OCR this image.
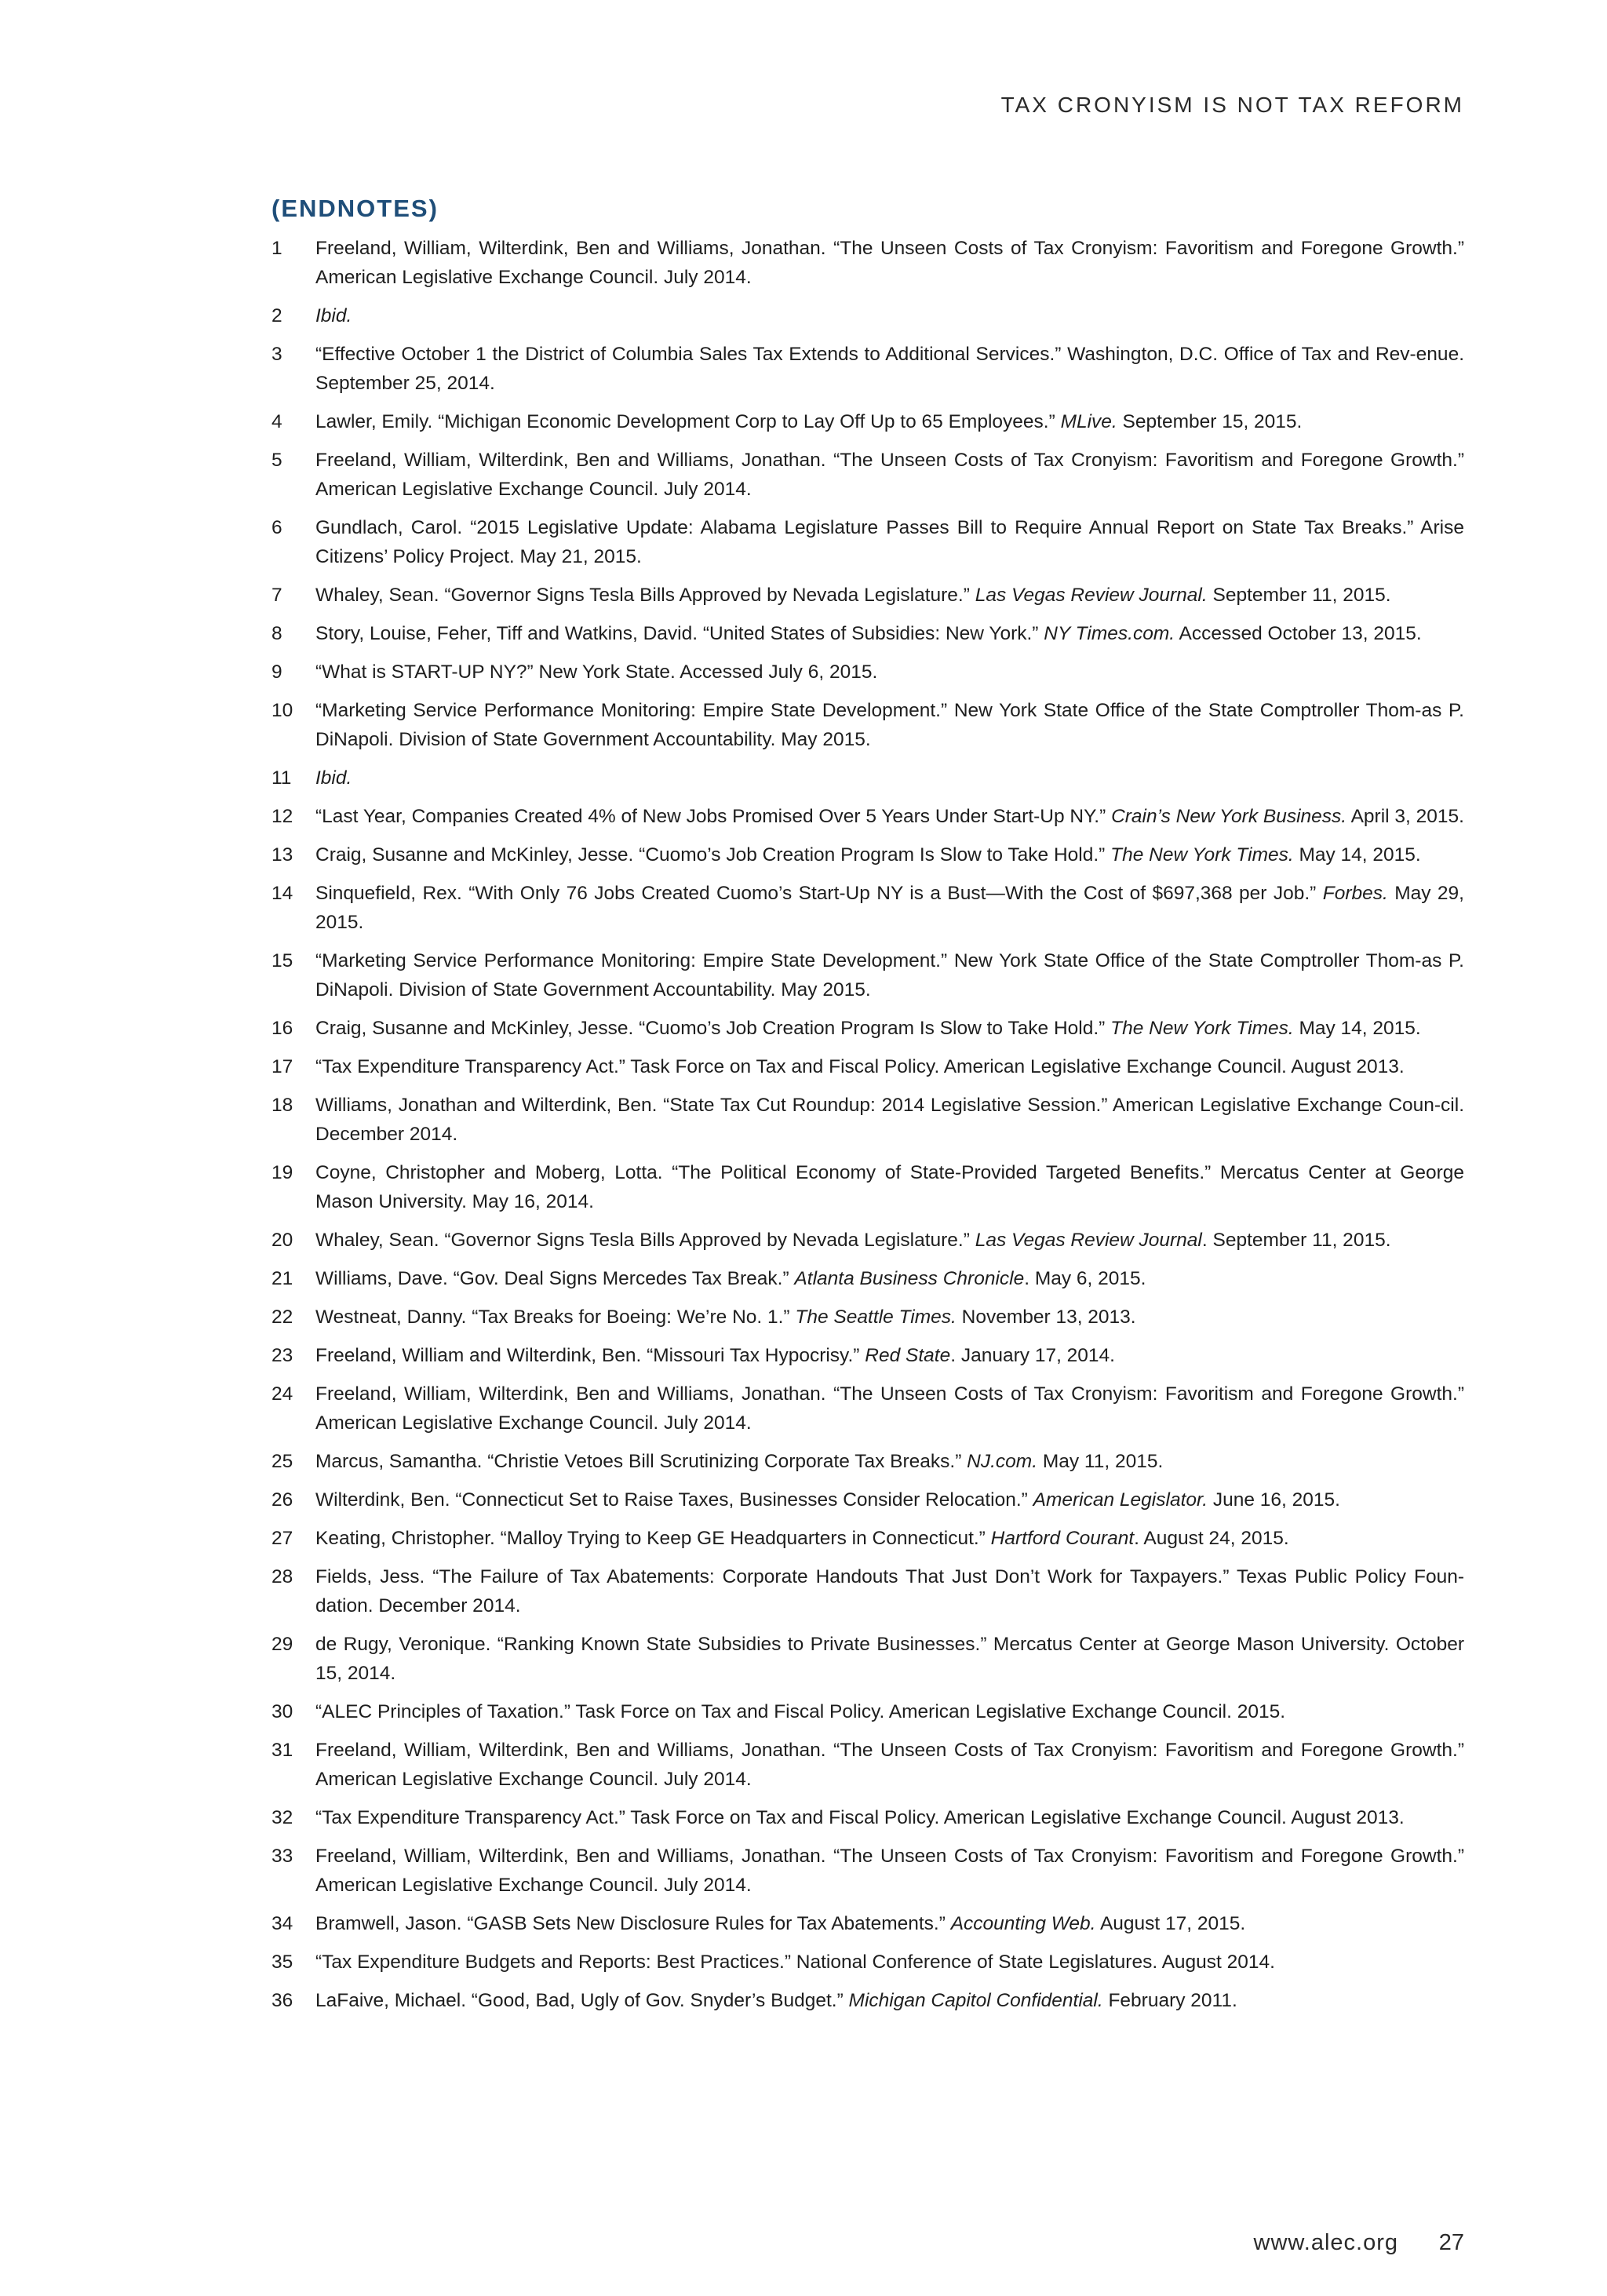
TAX CRONYISM IS NOT TAX REFORM
(ENDNOTES)
1 Freeland, William, Wilterdink, Ben and Williams, Jonathan. “The Unseen Costs of Tax Cronyism: Favoritism and Foregone Growth.” American Legislative Exchange Council. July 2014.
2 Ibid.
3 “Effective October 1 the District of Columbia Sales Tax Extends to Additional Services.” Washington, D.C. Office of Tax and Rev-enue. September 25, 2014.
4 Lawler, Emily. “Michigan Economic Development Corp to Lay Off Up to 65 Employees.” MLive. September 15, 2015.
5 Freeland, William, Wilterdink, Ben and Williams, Jonathan. “The Unseen Costs of Tax Cronyism: Favoritism and Foregone Growth.” American Legislative Exchange Council. July 2014.
6 Gundlach, Carol. “2015 Legislative Update: Alabama Legislature Passes Bill to Require Annual Report on State Tax Breaks.” Arise Citizens’ Policy Project. May 21, 2015.
7 Whaley, Sean. “Governor Signs Tesla Bills Approved by Nevada Legislature.” Las Vegas Review Journal. September 11, 2015.
8 Story, Louise, Feher, Tiff and Watkins, David. “United States of Subsidies: New York.” NY Times.com. Accessed October 13, 2015.
9 “What is START-UP NY?” New York State. Accessed July 6, 2015.
10 “Marketing Service Performance Monitoring: Empire State Development.” New York State Office of the State Comptroller Thom-as P. DiNapoli. Division of State Government Accountability. May 2015.
11 Ibid.
12 “Last Year, Companies Created 4% of New Jobs Promised Over 5 Years Under Start-Up NY.” Crain’s New York Business. April 3, 2015.
13 Craig, Susanne and McKinley, Jesse. “Cuomo’s Job Creation Program Is Slow to Take Hold.” The New York Times. May 14, 2015.
14 Sinquefield, Rex. “With Only 76 Jobs Created Cuomo’s Start-Up NY is a Bust—With the Cost of $697,368 per Job.” Forbes. May 29, 2015.
15 “Marketing Service Performance Monitoring: Empire State Development.” New York State Office of the State Comptroller Thom-as P. DiNapoli. Division of State Government Accountability. May 2015.
16 Craig, Susanne and McKinley, Jesse. “Cuomo’s Job Creation Program Is Slow to Take Hold.” The New York Times. May 14, 2015.
17 “Tax Expenditure Transparency Act.” Task Force on Tax and Fiscal Policy. American Legislative Exchange Council. August 2013.
18 Williams, Jonathan and Wilterdink, Ben. “State Tax Cut Roundup: 2014 Legislative Session.” American Legislative Exchange Coun-cil. December 2014.
19 Coyne, Christopher and Moberg, Lotta. “The Political Economy of State-Provided Targeted Benefits.” Mercatus Center at George Mason University. May 16, 2014.
20 Whaley, Sean. “Governor Signs Tesla Bills Approved by Nevada Legislature.” Las Vegas Review Journal. September 11, 2015.
21 Williams, Dave. “Gov. Deal Signs Mercedes Tax Break.” Atlanta Business Chronicle. May 6, 2015.
22 Westneat, Danny. “Tax Breaks for Boeing: We’re No. 1.” The Seattle Times. November 13, 2013.
23 Freeland, William and Wilterdink, Ben. “Missouri Tax Hypocrisy.” Red State. January 17, 2014.
24 Freeland, William, Wilterdink, Ben and Williams, Jonathan. “The Unseen Costs of Tax Cronyism: Favoritism and Foregone Growth.” American Legislative Exchange Council. July 2014.
25 Marcus, Samantha. “Christie Vetoes Bill Scrutinizing Corporate Tax Breaks.” NJ.com. May 11, 2015.
26 Wilterdink, Ben. “Connecticut Set to Raise Taxes, Businesses Consider Relocation.” American Legislator. June 16, 2015.
27 Keating, Christopher. “Malloy Trying to Keep GE Headquarters in Connecticut.” Hartford Courant. August 24, 2015.
28 Fields, Jess. “The Failure of Tax Abatements: Corporate Handouts That Just Don’t Work for Taxpayers.” Texas Public Policy Foun-dation. December 2014.
29 de Rugy, Veronique. “Ranking Known State Subsidies to Private Businesses.” Mercatus Center at George Mason University. October 15, 2014.
30 “ALEC Principles of Taxation.” Task Force on Tax and Fiscal Policy. American Legislative Exchange Council. 2015.
31 Freeland, William, Wilterdink, Ben and Williams, Jonathan. “The Unseen Costs of Tax Cronyism: Favoritism and Foregone Growth.” American Legislative Exchange Council. July 2014.
32 “Tax Expenditure Transparency Act.” Task Force on Tax and Fiscal Policy. American Legislative Exchange Council. August 2013.
33 Freeland, William, Wilterdink, Ben and Williams, Jonathan. “The Unseen Costs of Tax Cronyism: Favoritism and Foregone Growth.” American Legislative Exchange Council. July 2014.
34 Bramwell, Jason. “GASB Sets New Disclosure Rules for Tax Abatements.” Accounting Web. August 17, 2015.
35 “Tax Expenditure Budgets and Reports: Best Practices.” National Conference of State Legislatures. August 2014.
36 LaFaive, Michael. “Good, Bad, Ugly of Gov. Snyder’s Budget.” Michigan Capitol Confidential. February 2011.
www.alec.org 27
